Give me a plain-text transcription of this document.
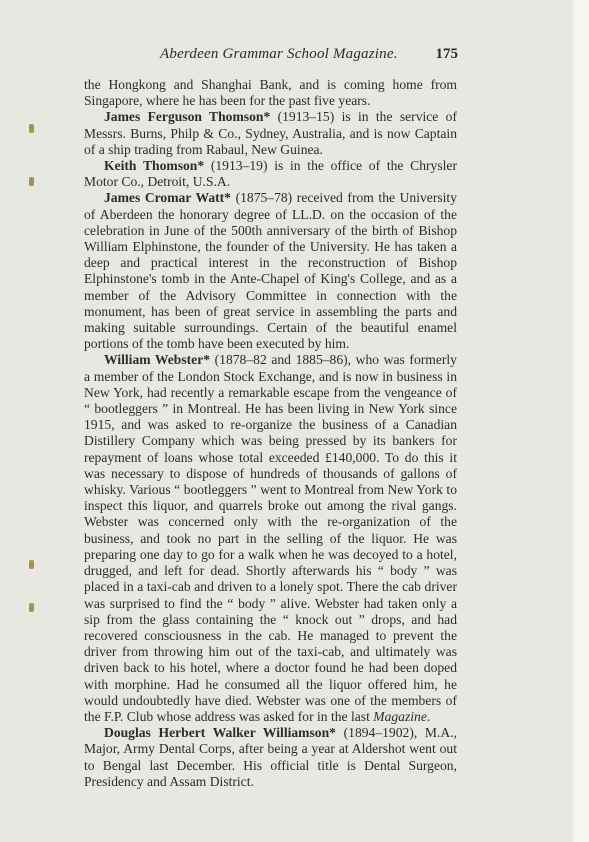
Aberdeen Grammar School Magazine.	175

the Hongkong and Shanghai Bank, and is coming home from Singapore, where he has been for the past five years.

James Ferguson Thomson* (1913–15) is in the service of Messrs. Burns, Philp & Co., Sydney, Australia, and is now Captain of a ship trading from Rabaul, New Guinea.

Keith Thomson* (1913–19) is in the office of the Chrysler Motor Co., Detroit, U.S.A.

James Cromar Watt* (1875–78) received from the University of Aberdeen the honorary degree of LL.D. on the occasion of the celebration in June of the 500th anniversary of the birth of Bishop William Elphinstone, the founder of the University. He has taken a deep and practical interest in the reconstruction of Bishop Elphinstone's tomb in the Ante-Chapel of King's College, and as a member of the Advisory Committee in connection with the monument, has been of great service in assembling the parts and making suitable surroundings. Certain of the beautiful enamel portions of the tomb have been executed by him.

William Webster* (1878–82 and 1885–86), who was formerly a member of the London Stock Exchange, and is now in business in New York, had recently a remarkable escape from the vengeance of “ bootleggers ” in Montreal. He has been living in New York since 1915, and was asked to re-organize the business of a Canadian Distillery Company which was being pressed by its bankers for repayment of loans whose total exceeded £140,000. To do this it was necessary to dispose of hundreds of thousands of gallons of whisky. Various “ bootleggers ” went to Montreal from New York to inspect this liquor, and quarrels broke out among the rival gangs. Webster was concerned only with the re-organization of the business, and took no part in the selling of the liquor. He was preparing one day to go for a walk when he was decoyed to a hotel, drugged, and left for dead. Shortly afterwards his “ body ” was placed in a taxi-cab and driven to a lonely spot. There the cab driver was surprised to find the “ body ” alive. Webster had taken only a sip from the glass containing the “ knock out ” drops, and had recovered consciousness in the cab. He managed to prevent the driver from throwing him out of the taxi-cab, and ultimately was driven back to his hotel, where a doctor found he had been doped with morphine. Had he consumed all the liquor offered him, he would undoubtedly have died. Webster was one of the members of the F.P. Club whose address was asked for in the last Magazine.

Douglas Herbert Walker Williamson* (1894–1902), M.A., Major, Army Dental Corps, after being a year at Aldershot went out to Bengal last December. His official title is Dental Surgeon, Presidency and Assam District.
